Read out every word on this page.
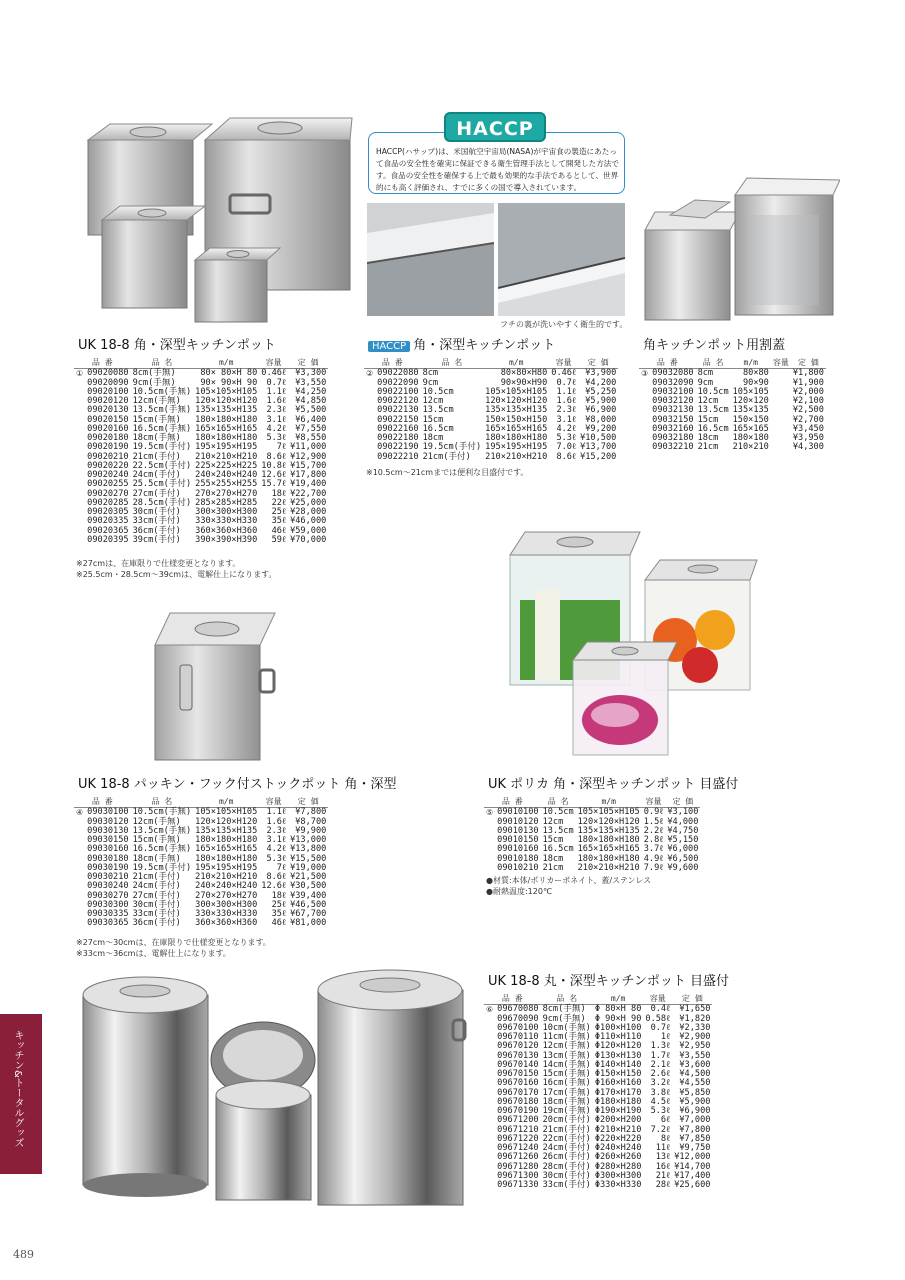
HACCP
HACCP(ハサップ)は、米国航空宇宙局(NASA)が宇宙食の製造にあたって食品の安全性を確実に保証できる衛生管理手法として開発した方法です。食品の安全性を確保する上で最も効果的な手法であるとして、世界的にも高く評価され、すでに多くの国で導入されています。
フチの裏が洗いやすく衛生的です。
UK 18-8 角・深型キッチンポット	HACCP 角・深型キッチンポット	角キッチンポット用割蓋
UK 18-8 パッキン・フック付ストックポット 角・深型	UK ポリカ 角・深型キッチンポット 目盛付
UK 18-8 丸・深型キッチンポット 目盛付
品 番		品 名	m/m	容量	定 価
①	09020080	8cm(手無)	80× 80×H 80	0.46ℓ	¥3,300
	09020090	9cm(手無)	90× 90×H 90	0.7ℓ	¥3,550
	09020100	10.5cm(手無)	105×105×H105	1.1ℓ	¥4,250
	09020120	12cm(手無)	120×120×H120	1.6ℓ	¥4,850
	09020130	13.5cm(手無)	135×135×H135	2.3ℓ	¥5,500
	09020150	15cm(手無)	180×180×H180	3.1ℓ	¥6,400
	09020160	16.5cm(手無)	165×165×H165	4.2ℓ	¥7,550
	09020180	18cm(手無)	180×180×H180	5.3ℓ	¥8,550
	09020190	19.5cm(手付)	195×195×H195	7ℓ	¥11,000
	09020210	21cm(手付)	210×210×H210	8.6ℓ	¥12,900
	09020220	22.5cm(手付)	225×225×H225	10.8ℓ	¥15,700
	09020240	24cm(手付)	240×240×H240	12.6ℓ	¥17,800
	09020255	25.5cm(手付)	255×255×H255	15.7ℓ	¥19,400
	09020270	27cm(手付)	270×270×H270	18ℓ	¥22,700
	09020285	28.5cm(手付)	285×285×H285	22ℓ	¥25,000
	09020305	30cm(手付)	300×300×H300	25ℓ	¥28,000
	09020335	33cm(手付)	330×330×H330	35ℓ	¥46,000
	09020365	36cm(手付)	360×360×H360	46ℓ	¥59,000
	09020395	39cm(手付)	390×390×H390	59ℓ	¥70,000
品 番		品 名	m/m	容量	定 価
②	09022080	8cm	80×80×H80	0.46ℓ	¥3,900
	09022090	9cm	90×90×H90	0.7ℓ	¥4,200
	09022100	10.5cm	105×105×H105	1.1ℓ	¥5,250
	09022120	12cm	120×120×H120	1.6ℓ	¥5,900
	09022130	13.5cm	135×135×H135	2.3ℓ	¥6,900
	09022150	15cm	150×150×H150	3.1ℓ	¥8,000
	09022160	16.5cm	165×165×H165	4.2ℓ	¥9,200
	09022180	18cm	180×180×H180	5.3ℓ	¥10,500
	09022190	19.5cm(手付)	195×195×H195	7.0ℓ	¥13,700
	09022210	21cm(手付)	210×210×H210	8.6ℓ	¥15,200
品 番		品 名	m/m	容量	定 価
③	09032080	8cm	80×80		¥1,800
	09032090	9cm	90×90		¥1,900
	09032100	10.5cm	105×105		¥2,000
	09032120	12cm	120×120		¥2,100
	09032130	13.5cm	135×135		¥2,500
	09032150	15cm	150×150		¥2,700
	09032160	16.5cm	165×165		¥3,450
	09032180	18cm	180×180		¥3,950
	09032210	21cm	210×210		¥4,300
品 番		品 名	m/m	容量	定 価
④	09030100	10.5cm(手無)	105×105×H105	1.1ℓ	¥7,800
	09030120	12cm(手無)	120×120×H120	1.6ℓ	¥8,700
	09030130	13.5cm(手無)	135×135×H135	2.3ℓ	¥9,900
	09030150	15cm(手無)	180×180×H180	3.1ℓ	¥13,000
	09030160	16.5cm(手無)	165×165×H165	4.2ℓ	¥13,800
	09030180	18cm(手無)	180×180×H180	5.3ℓ	¥15,500
	09030190	19.5cm(手付)	195×195×H195	7ℓ	¥19,000
	09030210	21cm(手付)	210×210×H210	8.6ℓ	¥21,500
	09030240	24cm(手付)	240×240×H240	12.6ℓ	¥30,500
	09030270	27cm(手付)	270×270×H270	18ℓ	¥39,400
	09030300	30cm(手付)	300×300×H300	25ℓ	¥46,500
	09030335	33cm(手付)	330×330×H330	35ℓ	¥67,700
	09030365	36cm(手付)	360×360×H360	46ℓ	¥81,000
品 番		品 名	m/m	容量	定 価
⑤	09010100	10.5cm	105×105×H105	0.9ℓ	¥3,100
	09010120	12cm	120×120×H120	1.5ℓ	¥4,000
	09010130	13.5cm	135×135×H135	2.2ℓ	¥4,750
	09010150	15cm	180×180×H180	2.8ℓ	¥5,150
	09010160	16.5cm	165×165×H165	3.7ℓ	¥6,000
	09010180	18cm	180×180×H180	4.9ℓ	¥6,500
	09010210	21cm	210×210×H210	7.9ℓ	¥9,600
品 番		品 名	m/m	容量	定 価
⑥	09670080	8cm(手無)	Φ 80×H 80	0.4ℓ	¥1,650
	09670090	9cm(手無)	Φ 90×H 90	0.58ℓ	¥1,820
	09670100	10cm(手無)	Φ100×H100	0.7ℓ	¥2,330
	09670110	11cm(手無)	Φ110×H110	1ℓ	¥2,900
	09670120	12cm(手無)	Φ120×H120	1.3ℓ	¥2,950
	09670130	13cm(手無)	Φ130×H130	1.7ℓ	¥3,550
	09670140	14cm(手無)	Φ140×H140	2.1ℓ	¥3,600
	09670150	15cm(手無)	Φ150×H150	2.6ℓ	¥4,500
	09670160	16cm(手無)	Φ160×H160	3.2ℓ	¥4,550
	09670170	17cm(手無)	Φ170×H170	3.8ℓ	¥5,850
	09670180	18cm(手無)	Φ180×H180	4.5ℓ	¥5,900
	09670190	19cm(手無)	Φ190×H190	5.3ℓ	¥6,900
	09671200	20cm(手付)	Φ200×H200	6ℓ	¥7,000
	09671210	21cm(手付)	Φ210×H210	7.2ℓ	¥7,800
	09671220	22cm(手付)	Φ220×H220	8ℓ	¥7,850
	09671240	24cm(手付)	Φ240×H240	11ℓ	¥9,750
	09671260	26cm(手付)	Φ260×H260	13ℓ	¥12,000
	09671280	28cm(手付)	Φ280×H280	16ℓ	¥14,700
	09671300	30cm(手付)	Φ300×H300	21ℓ	¥17,400
	09671330	33cm(手付)	Φ330×H330	28ℓ	¥25,600
※27cmは、在庫限りで仕様変更となります。
※25.5cm・28.5cm〜39cmは、電解仕上になります。
※10.5cm〜21cmまでは便利な目盛付です。
※27cm〜30cmは、在庫限りで仕様変更となります。
※33cm〜36cmは、電解仕上になります。
●材質:本体/ポリカーボネイト、蓋/ステンレス
●耐熱温度:120℃
KITCHEN&TOTAL GOODS
キッチン&トータルグッズ
489
